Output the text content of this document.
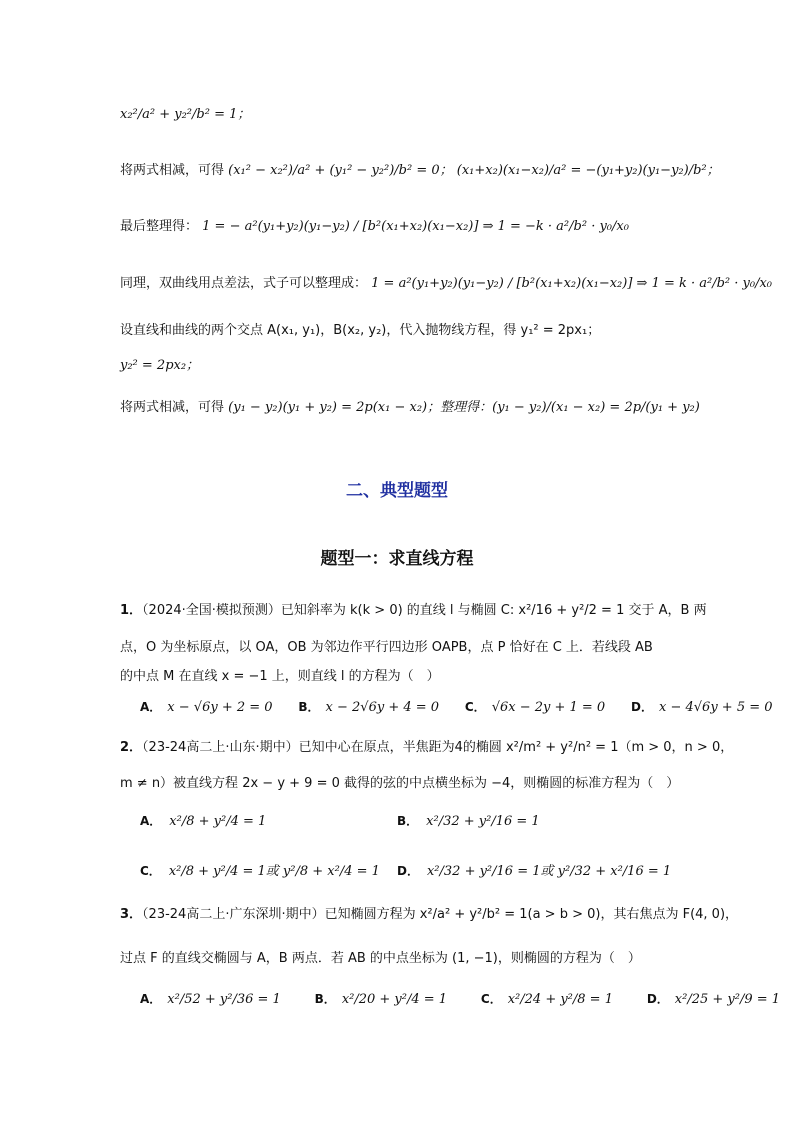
x₂²/a² + y₂²/b² = 1；
将两式相减，可得 (x₁² − x₂²)/a² + (y₁² − y₂²)/b² = 0； (x₁+x₂)(x₁−x₂)/a² = −(y₁+y₂)(y₁−y₂)/b²；
最后整理得： 1 = − a²(y₁+y₂)(y₁−y₂) / [b²(x₁+x₂)(x₁−x₂)] ⇒ 1 = −k · a²/b² · y₀/x₀
同理，双曲线用点差法，式子可以整理成： 1 = a²(y₁+y₂)(y₁−y₂) / [b²(x₁+x₂)(x₁−x₂)] ⇒ 1 = k · a²/b² · y₀/x₀
设直线和曲线的两个交点 A(x₁, y₁)，B(x₂, y₂)，代入抛物线方程，得 y₁² = 2px₁；
y₂² = 2px₂；
将两式相减，可得 (y₁ − y₂)(y₁ + y₂) = 2p(x₁ − x₂)；整理得：(y₁ − y₂)/(x₁ − x₂) = 2p/(y₁ + y₂)
二、典型题型
题型一：求直线方程
1．（2024·全国·模拟预测）已知斜率为 k(k > 0) 的直线 l 与椭圆 C: x²/16 + y²/2 = 1 交于 A，B 两
点，O 为坐标原点，以 OA，OB 为邻边作平行四边形 OAPB，点 P 恰好在 C 上．若线段 AB
的中点 M 在直线 x = −1 上，则直线 l 的方程为（　）
A． x − √6y + 2 = 0 B． x − 2√6y + 4 = 0 C． √6x − 2y + 1 = 0 D． x − 4√6y + 5 = 0
2．（23-24高二上·山东·期中）已知中心在原点，半焦距为4的椭圆 x²/m² + y²/n² = 1（m > 0，n > 0，
m ≠ n）被直线方程 2x − y + 9 = 0 截得的弦的中点横坐标为 −4，则椭圆的标准方程为（　）
A． x²/8 + y²/4 = 1	B． x²/32 + y²/16 = 1
C． x²/8 + y²/4 = 1或 y²/8 + x²/4 = 1 D． x²/32 + y²/16 = 1或 y²/32 + x²/16 = 1
3．（23-24高二上·广东深圳·期中）已知椭圆方程为 x²/a² + y²/b² = 1(a > b > 0)，其右焦点为 F(4, 0)，
过点 F 的直线交椭圆与 A，B 两点．若 AB 的中点坐标为 (1, −1)，则椭圆的方程为（　）
A． x²/52 + y²/36 = 1	B． x²/20 + y²/4 = 1	C． x²/24 + y²/8 = 1	D． x²/25 + y²/9 = 1
